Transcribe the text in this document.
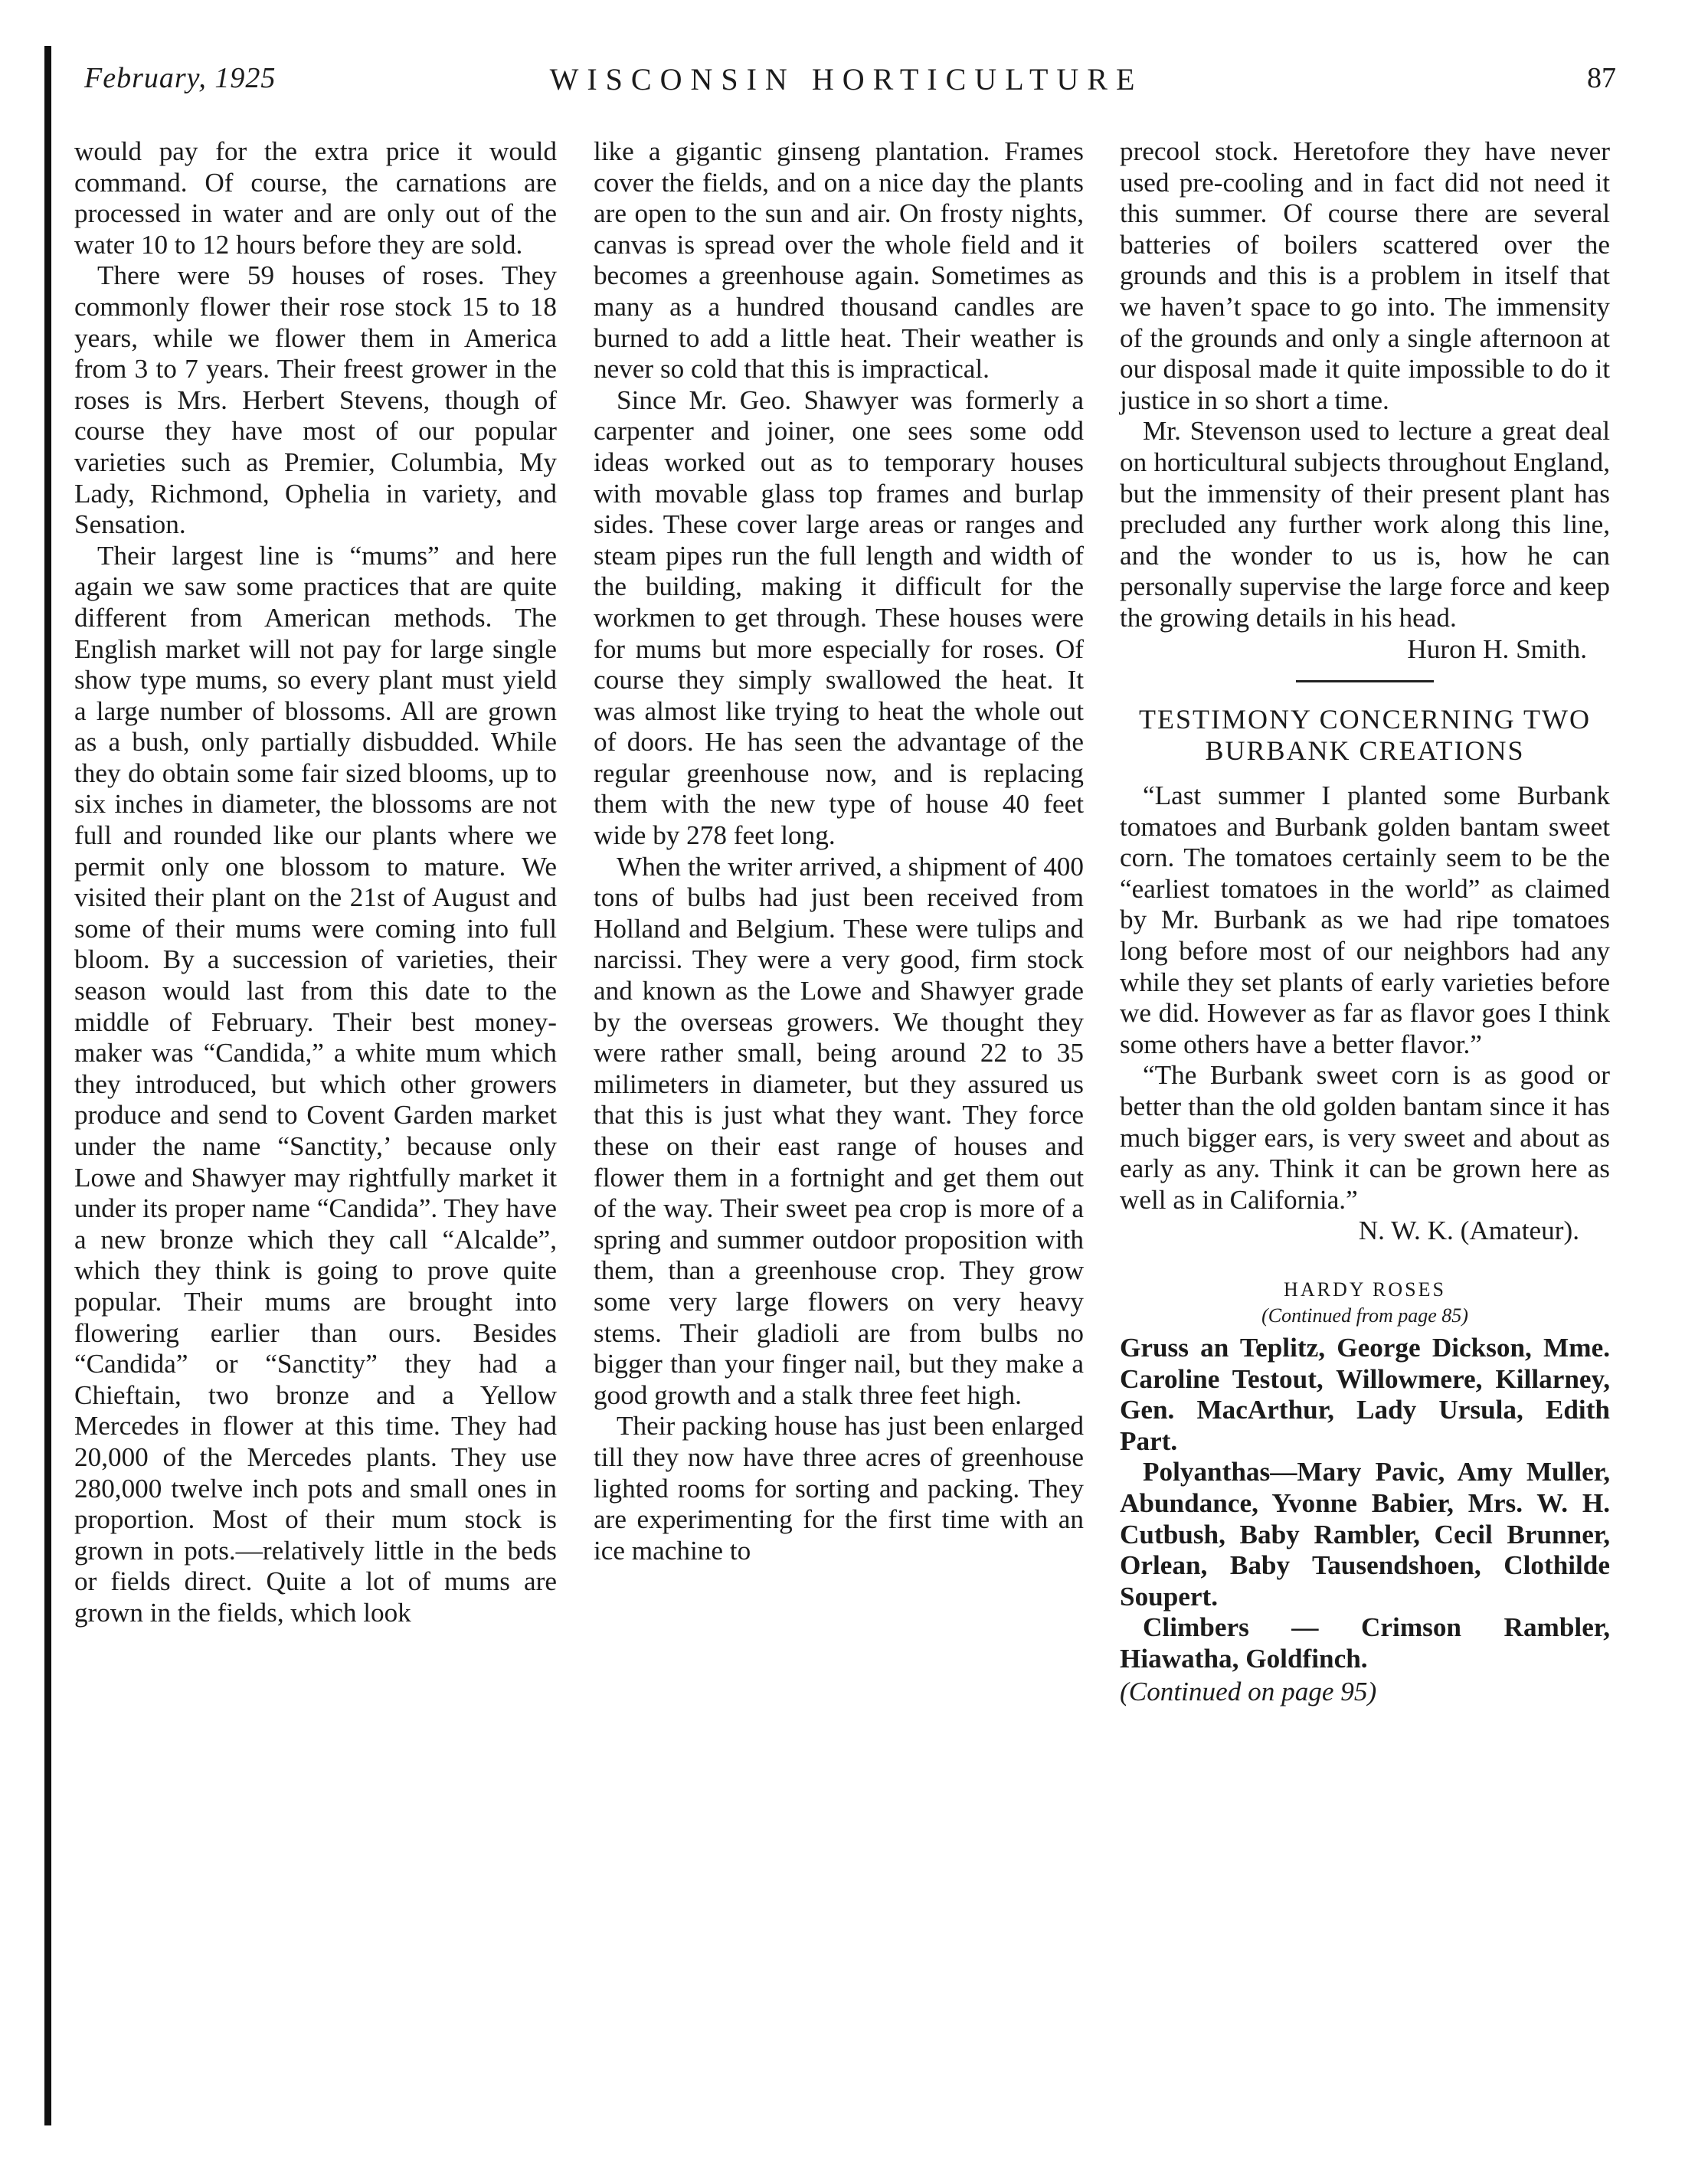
February, 1925	WISCONSIN HORTICULTURE	87

would pay for the extra price it would command. Of course, the carnations are processed in water and are only out of the water 10 to 12 hours before they are sold.

There were 59 houses of roses. They commonly flower their rose stock 15 to 18 years, while we flower them in America from 3 to 7 years. Their freest grower in the roses is Mrs. Herbert Stevens, though of course they have most of our popular varieties such as Premier, Columbia, My Lady, Richmond, Ophelia in variety, and Sensation.

Their largest line is “mums” and here again we saw some practices that are quite different from American methods. The English market will not pay for large single show type mums, so every plant must yield a large number of blossoms. All are grown as a bush, only partially disbudded. While they do obtain some fair sized blooms, up to six inches in diameter, the blossoms are not full and rounded like our plants where we permit only one blossom to mature. We visited their plant on the 21st of August and some of their mums were coming into full bloom. By a succession of varieties, their season would last from this date to the middle of February. Their best money-maker was “Candida,” a white mum which they introduced, but which other growers produce and send to Covent Garden market under the name “Sanctity,’ because only Lowe and Shawyer may rightfully market it under its proper name “Candida”. They have a new bronze which they call “Alcalde”, which they think is going to prove quite popular. Their mums are brought into flowering earlier than ours. Besides “Candida” or “Sanctity” they had a Chieftain, two bronze and a Yellow Mercedes in flower at this time. They had 20,000 of the Mercedes plants. They use 280,000 twelve inch pots and small ones in proportion. Most of their mum stock is grown in pots.—relatively little in the beds or fields direct. Quite a lot of mums are grown in the fields, which look

like a gigantic ginseng plantation. Frames cover the fields, and on a nice day the plants are open to the sun and air. On frosty nights, canvas is spread over the whole field and it becomes a greenhouse again. Sometimes as many as a hundred thousand candles are burned to add a little heat. Their weather is never so cold that this is impractical.

Since Mr. Geo. Shawyer was formerly a carpenter and joiner, one sees some odd ideas worked out as to temporary houses with movable glass top frames and burlap sides. These cover large areas or ranges and steam pipes run the full length and width of the building, making it difficult for the workmen to get through. These houses were for mums but more especially for roses. Of course they simply swallowed the heat. It was almost like trying to heat the whole out of doors. He has seen the advantage of the regular greenhouse now, and is replacing them with the new type of house 40 feet wide by 278 feet long.

When the writer arrived, a shipment of 400 tons of bulbs had just been received from Holland and Belgium. These were tulips and narcissi. They were a very good, firm stock and known as the Lowe and Shawyer grade by the overseas growers. We thought they were rather small, being around 22 to 35 milimeters in diameter, but they assured us that this is just what they want. They force these on their east range of houses and flower them in a fortnight and get them out of the way. Their sweet pea crop is more of a spring and summer outdoor proposition with them, than a greenhouse crop. They grow some very large flowers on very heavy stems. Their gladioli are from bulbs no bigger than your finger nail, but they make a good growth and a stalk three feet high.

Their packing house has just been enlarged till they now have three acres of greenhouse lighted rooms for sorting and packing. They are experimenting for the first time with an ice machine to

precool stock. Heretofore they have never used pre-cooling and in fact did not need it this summer. Of course there are several batteries of boilers scattered over the grounds and this is a problem in itself that we haven’t space to go into. The immensity of the grounds and only a single afternoon at our disposal made it quite impossible to do it justice in so short a time.

Mr. Stevenson used to lecture a great deal on horticultural subjects throughout England, but the immensity of their present plant has precluded any further work along this line, and the wonder to us is, how he can personally supervise the large force and keep the growing details in his head.

Huron H. Smith.

TESTIMONY CONCERNING TWO BURBANK CREATIONS

“Last summer I planted some Burbank tomatoes and Burbank golden bantam sweet corn. The tomatoes certainly seem to be the “earliest tomatoes in the world” as claimed by Mr. Burbank as we had ripe tomatoes long before most of our neighbors had any while they set plants of early varieties before we did. However as far as flavor goes I think some others have a better flavor.”

“The Burbank sweet corn is as good or better than the old golden bantam since it has much bigger ears, is very sweet and about as early as any. Think it can be grown here as well as in California.”

N. W. K. (Amateur).

HARDY ROSES
(Continued from page 85)

Gruss an Teplitz, George Dickson, Mme. Caroline Testout, Willowmere, Killarney, Gen. MacArthur, Lady Ursula, Edith Part.

Polyanthas—Mary Pavic, Amy Muller, Abundance, Yvonne Babier, Mrs. W. H. Cutbush, Baby Rambler, Cecil Brunner, Orlean, Baby Tausendshoen, Clothilde Soupert.

Climbers — Crimson Rambler, Hiawatha, Goldfinch.

(Continued on page 95)
